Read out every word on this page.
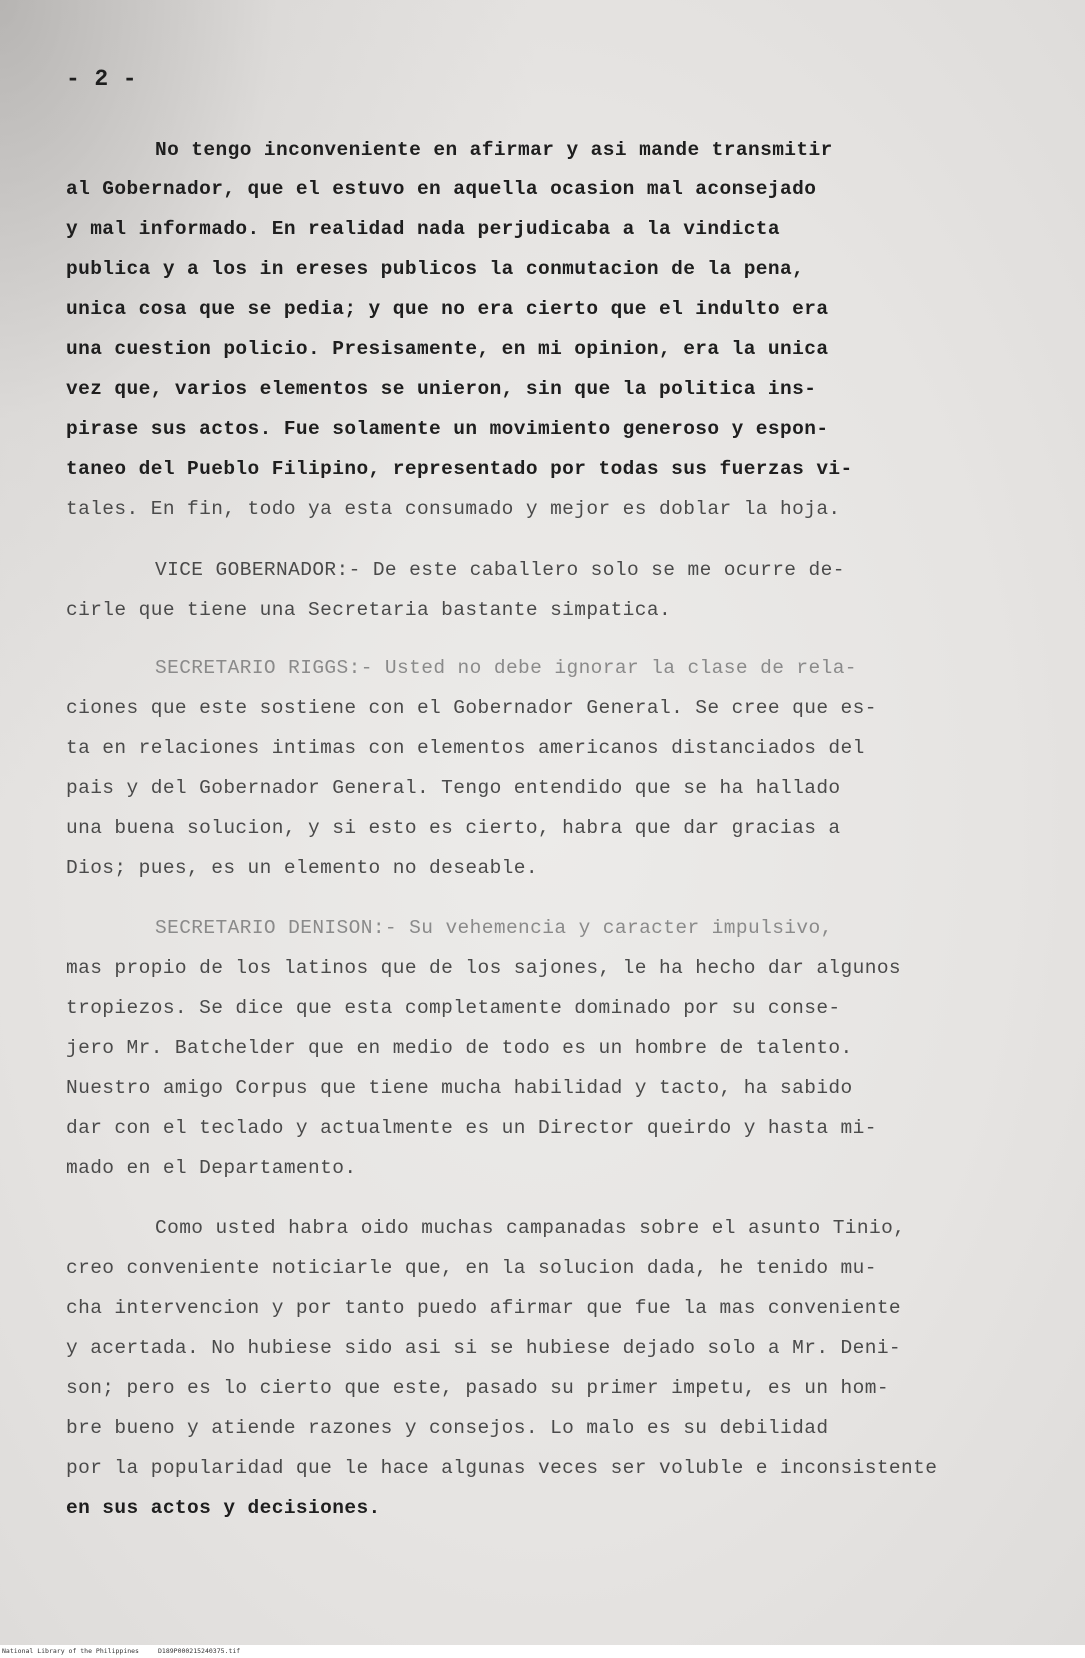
- 2 -
No tengo inconveniente en afirmar y asi mande transmitir
al Gobernador, que el estuvo en aquella ocasion mal aconsejado
y mal informado. En realidad nada perjudicaba a la vindicta
publica y a los in ereses publicos la conmutacion de la pena,
unica cosa que se pedia; y que no era cierto que el indulto era
una cuestion policio. Presisamente, en mi opinion, era la unica
vez que, varios elementos se unieron, sin que la politica ins-
pirase sus actos. Fue solamente un movimiento generoso y espon-
taneo del Pueblo Filipino, representado por todas sus fuerzas vi-
tales. En fin, todo ya esta consumado y mejor es doblar la hoja.
VICE GOBERNADOR:- De este caballero solo se me ocurre de-
cirle que tiene una Secretaria bastante simpatica.
SECRETARIO RIGGS:- Usted no debe ignorar la clase de rela-
ciones que este sostiene con el Gobernador General. Se cree que es-
ta en relaciones intimas con elementos americanos distanciados del
pais y del Gobernador General. Tengo entendido que se ha hallado
una buena solucion, y si esto es cierto, habra que dar gracias a
Dios; pues, es un elemento no deseable.
SECRETARIO DENISON:- Su vehemencia y caracter impulsivo,
mas propio de los latinos que de los sajones, le ha hecho dar algunos
tropiezos. Se dice que esta completamente dominado por su conse-
jero Mr. Batchelder que en medio de todo es un hombre de talento.
Nuestro amigo Corpus que tiene mucha habilidad y tacto, ha sabido
dar con el teclado y actualmente es un Director queirdo y hasta mi-
mado en el Departamento.
Como usted habra oido muchas campanadas sobre el asunto Tinio,
creo conveniente noticiarle que, en la solucion dada, he tenido mu-
cha intervencion y por tanto puedo afirmar que fue la mas conveniente
y acertada. No hubiese sido asi si se hubiese dejado solo a Mr. Deni-
son; pero es lo cierto que este, pasado su primer impetu, es un hom-
bre bueno y atiende razones y consejos. Lo malo es su debilidad
por la popularidad que le hace algunas veces ser voluble e inconsistente
en sus actos y decisiones.
National Library of the Philippines	D189P000215240375.tif
